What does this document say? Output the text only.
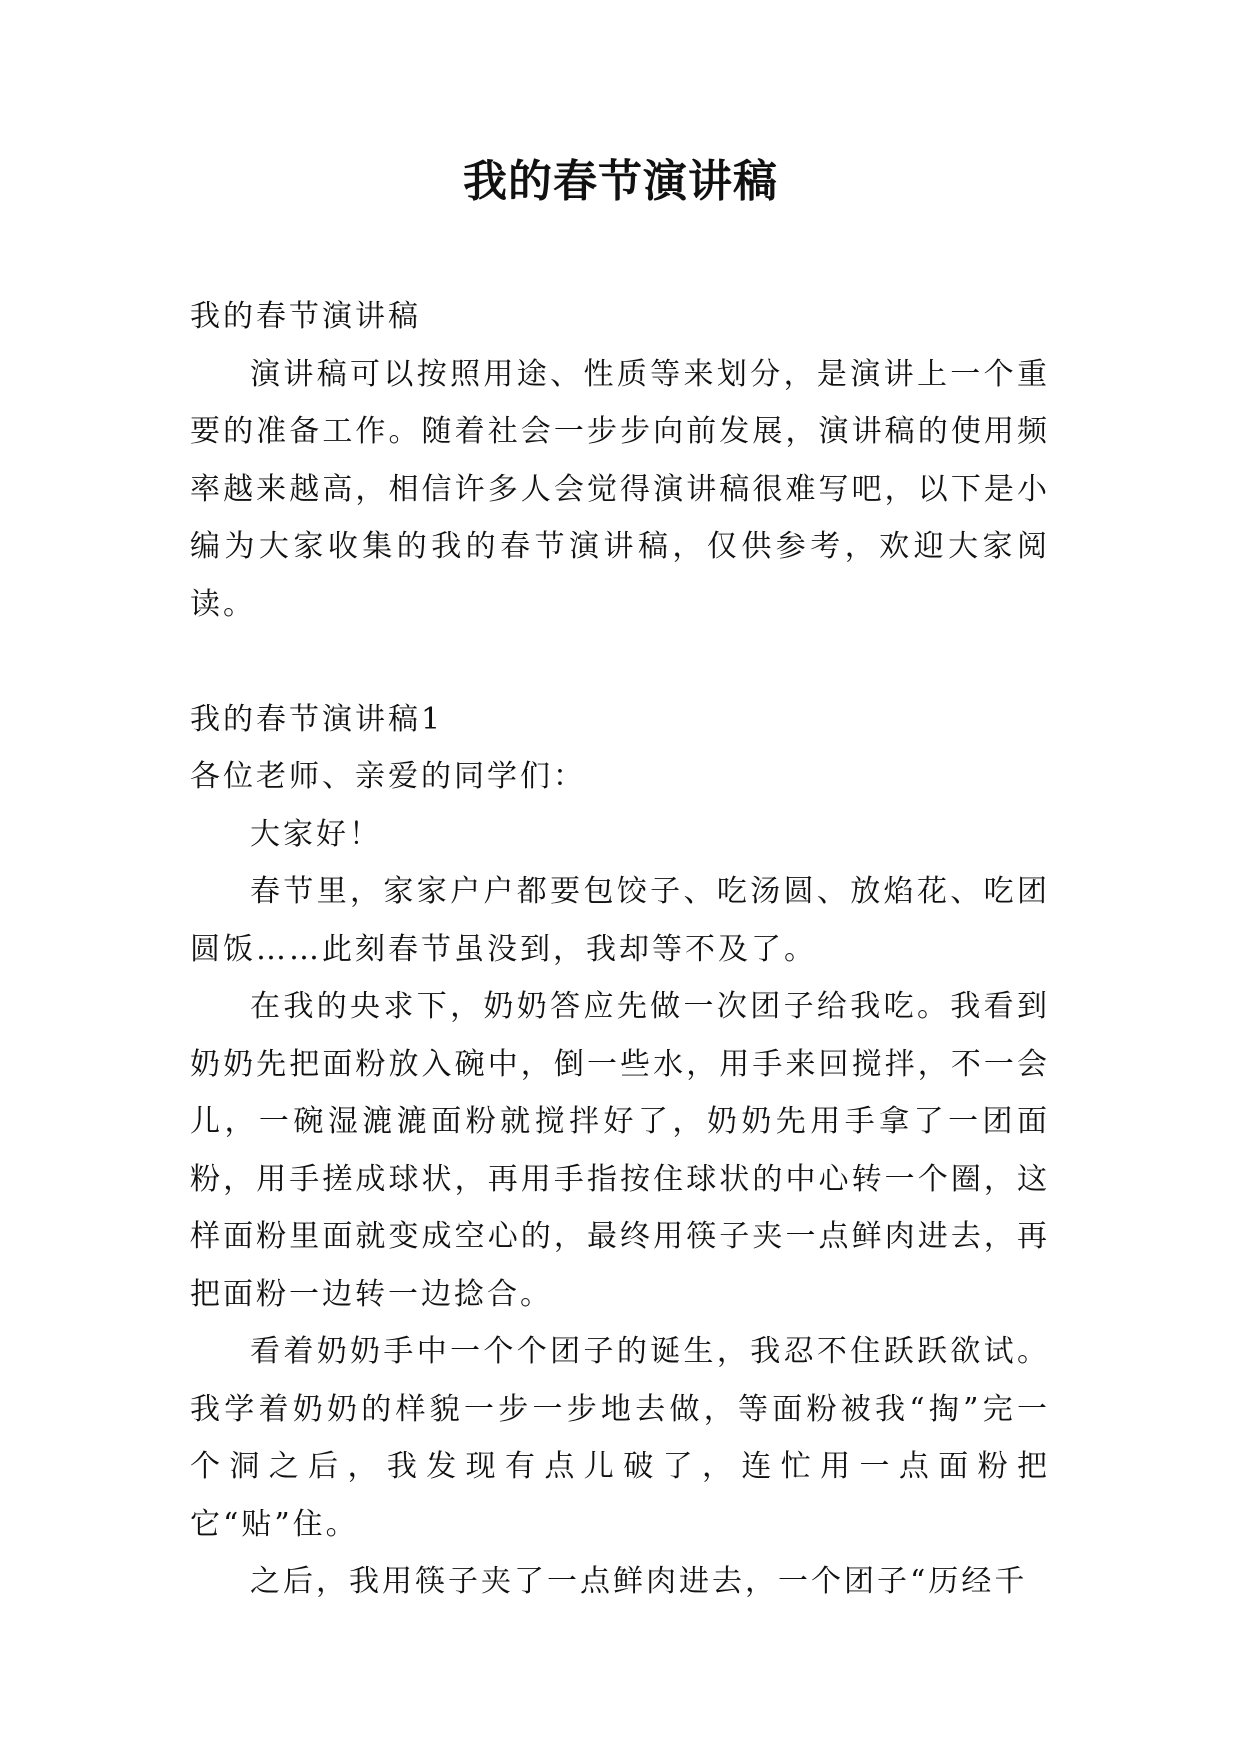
我的春节演讲稿

我的春节演讲稿

演讲稿可以按照用途、性质等来划分，是演讲上一个重要的准备工作。随着社会一步步向前发展，演讲稿的使用频率越来越高，相信许多人会觉得演讲稿很难写吧，以下是小编为大家收集的我的春节演讲稿，仅供参考，欢迎大家阅读。

我的春节演讲稿1

各位老师、亲爱的同学们：

大家好！

春节里，家家户户都要包饺子、吃汤圆、放焰花、吃团圆饭……此刻春节虽没到，我却等不及了。

在我的央求下，奶奶答应先做一次团子给我吃。我看到奶奶先把面粉放入碗中，倒一些水，用手来回搅拌，不一会儿，一碗湿漉漉面粉就搅拌好了，奶奶先用手拿了一团面粉，用手搓成球状，再用手指按住球状的中心转一个圈，这样面粉里面就变成空心的，最终用筷子夹一点鲜肉进去，再把面粉一边转一边捻合。

看着奶奶手中一个个团子的诞生，我忍不住跃跃欲试。我学着奶奶的样貌一步一步地去做，等面粉被我“掏”完一个洞之后，我发现有点儿破了，连忙用一点面粉把它“贴”住。

之后，我用筷子夹了一点鲜肉进去，一个团子“历经千
